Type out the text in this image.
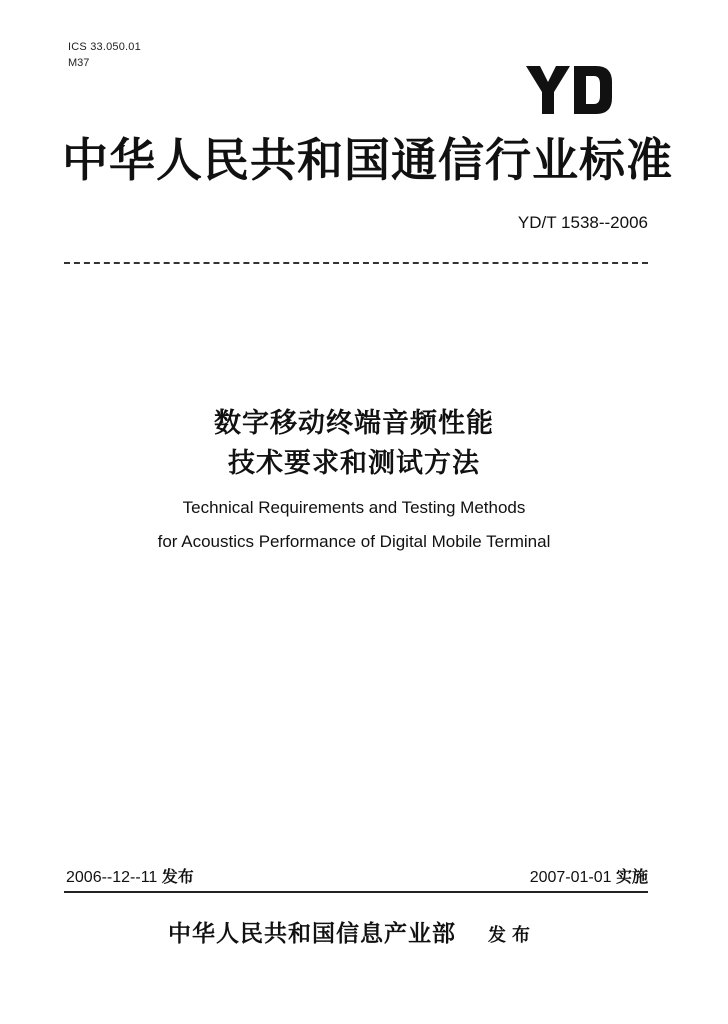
ICS 33.050.01
M37
中华人民共和国通信行业标准
YD/T 1538--2006
数字移动终端音频性能
技术要求和测试方法
Technical Requirements and Testing Methods
for Acoustics Performance of Digital Mobile Terminal
2006--12--11 发布	2007-01-01 实施
中华人民共和国信息产业部 发布
